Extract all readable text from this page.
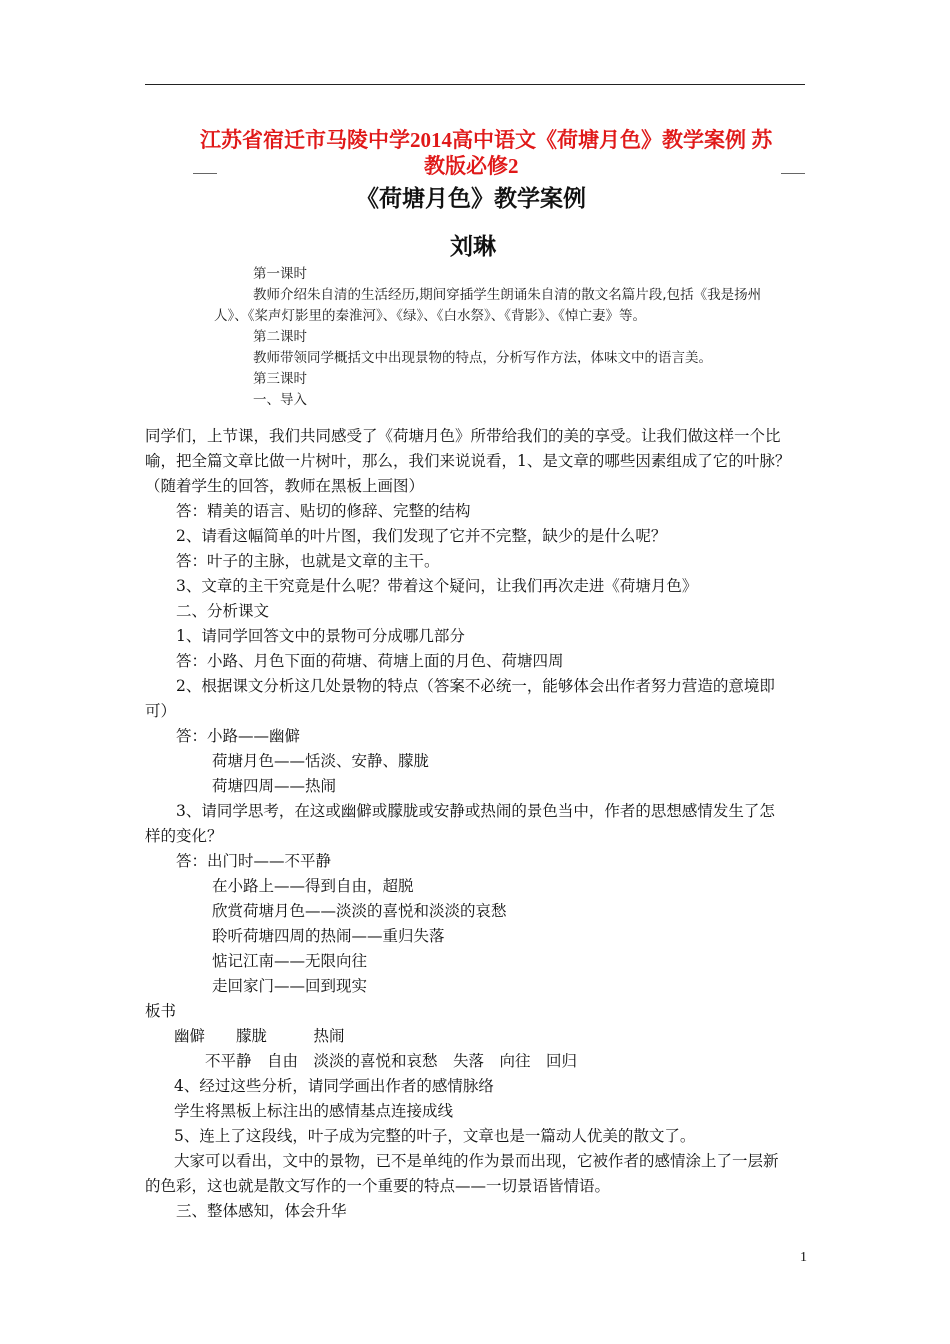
江苏省宿迁市马陵中学2014高中语文《荷塘月色》教学案例 苏
教版必修2
《荷塘月色》教学案例
刘琳
第一课时
教师介绍朱自清的生活经历,期间穿插学生朗诵朱自清的散文名篇片段,包括《我是扬州
人》、《桨声灯影里的秦淮河》、《绿》、《白水祭》、《背影》、《悼亡妻》等。
第二课时
教师带领同学概括文中出现景物的特点，分析写作方法，体味文中的语言美。
第三课时
一、导入
同学们，上节课，我们共同感受了《荷塘月色》所带给我们的美的享受。让我们做这样一个比
喻，把全篇文章比做一片树叶，那么，我们来说说看，1、是文章的哪些因素组成了它的叶脉？
（随着学生的回答，教师在黑板上画图）
答：精美的语言、贴切的修辞、完整的结构
2、请看这幅简单的叶片图，我们发现了它并不完整，缺少的是什么呢？
答：叶子的主脉，也就是文章的主干。
3、文章的主干究竟是什么呢？带着这个疑问，让我们再次走进《荷塘月色》
二、分析课文
1、请同学回答文中的景物可分成哪几部分
答：小路、月色下面的荷塘、荷塘上面的月色、荷塘四周
2、根据课文分析这几处景物的特点（答案不必统一，能够体会出作者努力营造的意境即
可）
答：小路——幽僻
荷塘月色——恬淡、安静、朦胧
荷塘四周——热闹
3、请同学思考，在这或幽僻或朦胧或安静或热闹的景色当中，作者的思想感情发生了怎
样的变化？
答：出门时——不平静
在小路上——得到自由，超脱
欣赏荷塘月色——淡淡的喜悦和淡淡的哀愁
聆听荷塘四周的热闹——重归失落
惦记江南——无限向往
走回家门——回到现实
板书
幽僻　　朦胧　　　热闹
不平静　自由　淡淡的喜悦和哀愁　失落　向往　回归
4、经过这些分析，请同学画出作者的感情脉络
学生将黑板上标注出的感情基点连接成线
5、连上了这段线，叶子成为完整的叶子，文章也是一篇动人优美的散文了。
大家可以看出，文中的景物，已不是单纯的作为景而出现，它被作者的感情涂上了一层新
的色彩，这也就是散文写作的一个重要的特点——一切景语皆情语。
三、整体感知，体会升华
1
